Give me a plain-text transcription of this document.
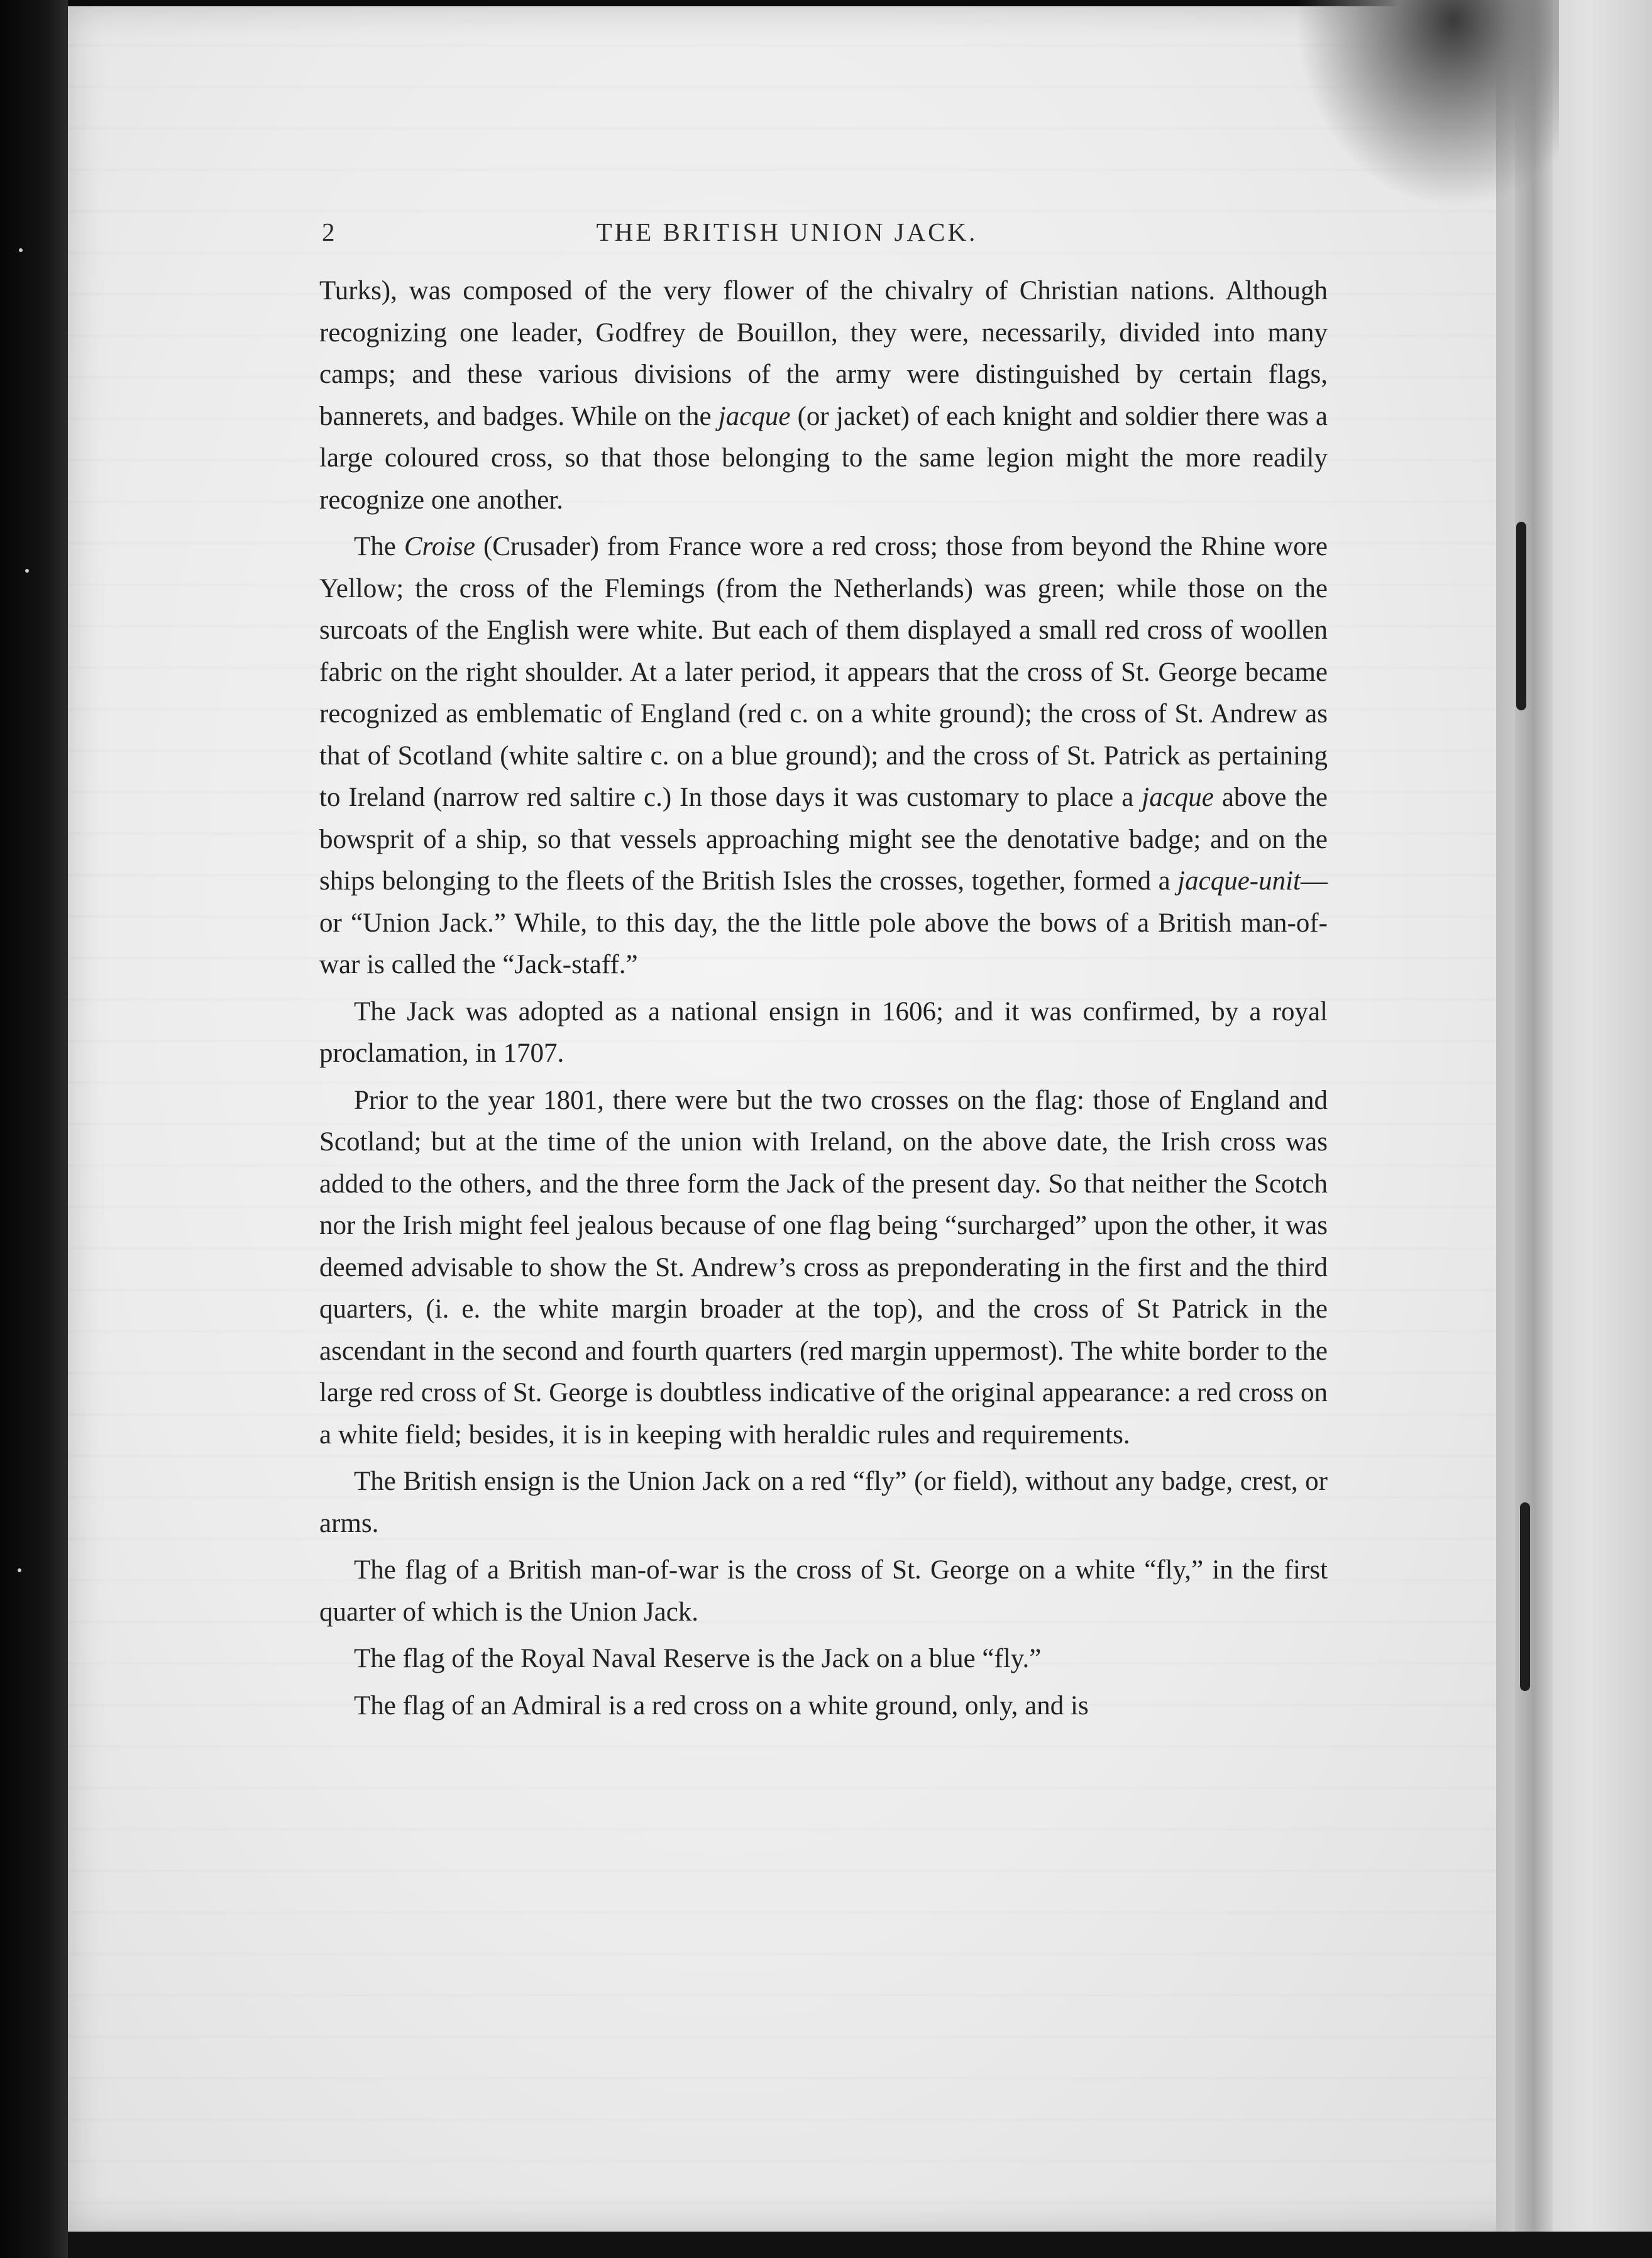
2	THE BRITISH UNION JACK.

Turks), was composed of the very flower of the chivalry of Christian nations. Although recognizing one leader, Godfrey de Bouillon, they were, necessarily, divided into many camps; and these various divisions of the army were distinguished by certain flags, bannerets, and badges. While on the jacque (or jacket) of each knight and soldier there was a large coloured cross, so that those belonging to the same legion might the more readily recognize one another.

The Croise (Crusader) from France wore a red cross; those from beyond the Rhine wore Yellow; the cross of the Flemings (from the Netherlands) was green; while those on the surcoats of the English were white. But each of them displayed a small red cross of woollen fabric on the right shoulder. At a later period, it appears that the cross of St. George became recognized as emblematic of England (red c. on a white ground); the cross of St. Andrew as that of Scotland (white saltire c. on a blue ground); and the cross of St. Patrick as pertaining to Ireland (narrow red saltire c.) In those days it was customary to place a jacque above the bowsprit of a ship, so that vessels approaching might see the denotative badge; and on the ships belonging to the fleets of the British Isles the crosses, together, formed a jacque-unit—or “Union Jack.” While, to this day, the the little pole above the bows of a British man-of-war is called the “Jack-staff.”

The Jack was adopted as a national ensign in 1606; and it was confirmed, by a royal proclamation, in 1707.

Prior to the year 1801, there were but the two crosses on the flag: those of England and Scotland; but at the time of the union with Ireland, on the above date, the Irish cross was added to the others, and the three form the Jack of the present day. So that neither the Scotch nor the Irish might feel jealous because of one flag being “surcharged” upon the other, it was deemed advisable to show the St. Andrew’s cross as preponderating in the first and the third quarters, (i. e. the white margin broader at the top), and the cross of St Patrick in the ascendant in the second and fourth quarters (red margin uppermost). The white border to the large red cross of St. George is doubtless indicative of the original appearance: a red cross on a white field; besides, it is in keeping with heraldic rules and requirements.

The British ensign is the Union Jack on a red “fly” (or field), without any badge, crest, or arms.

The flag of a British man-of-war is the cross of St. George on a white “fly,” in the first quarter of which is the Union Jack.

The flag of the Royal Naval Reserve is the Jack on a blue “fly.”

The flag of an Admiral is a red cross on a white ground, only, and is
